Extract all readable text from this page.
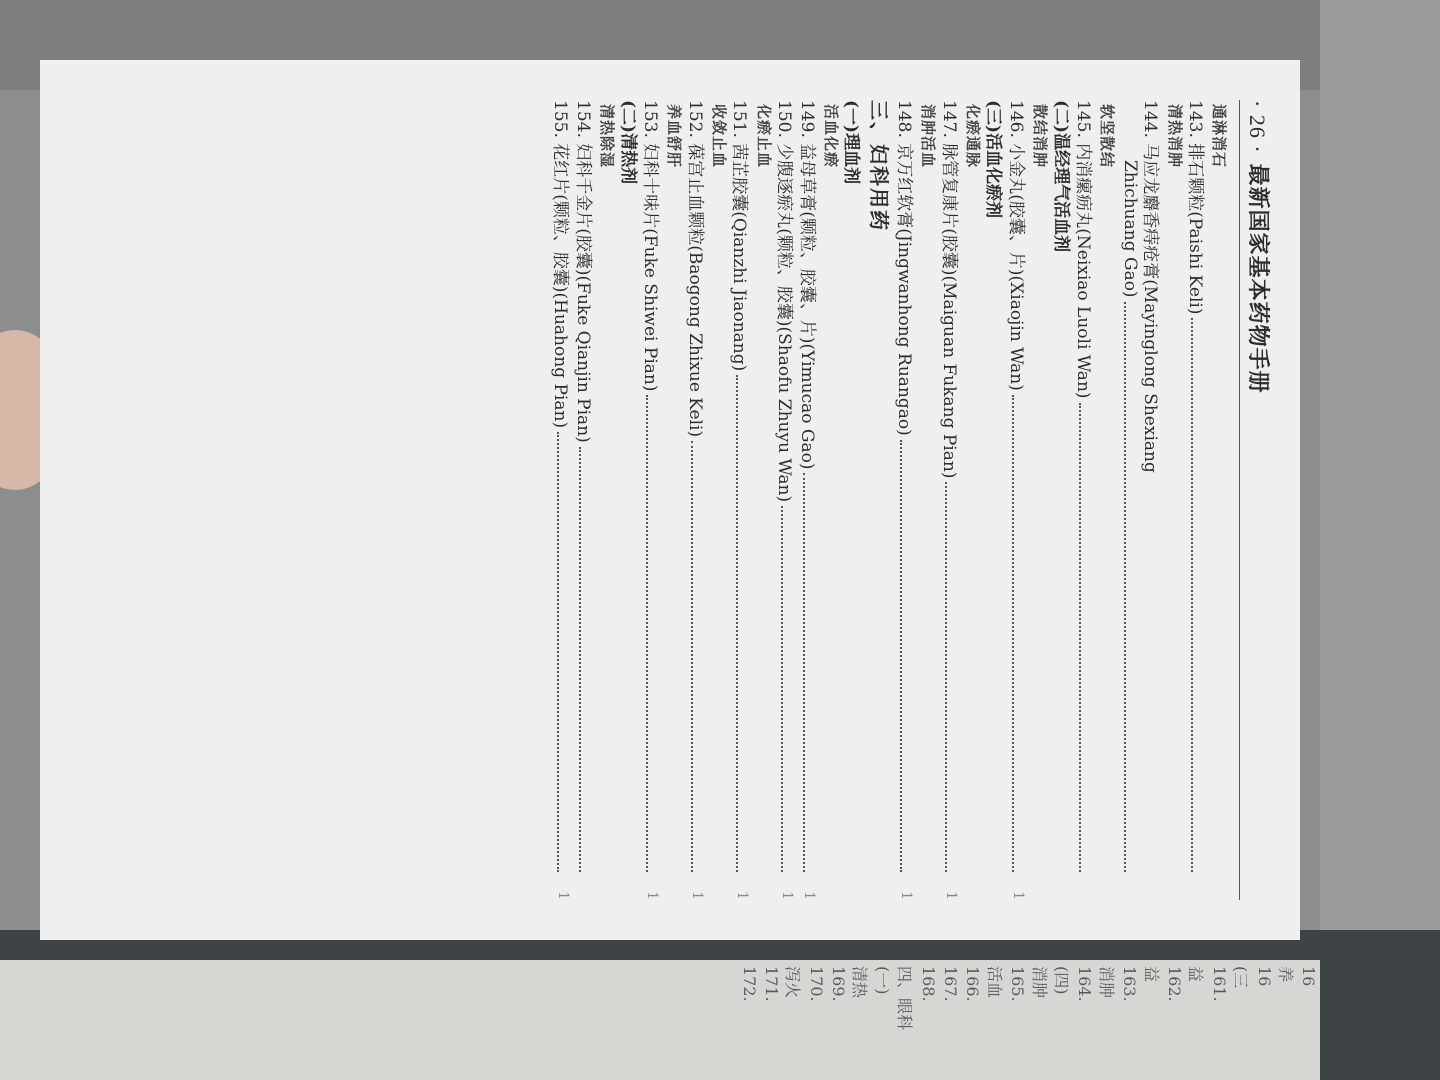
16
养
16
(三
161.
益
162.
益
163.
消肿
164.
(四)
消肿
165.
活血
166.
167.
168.
四、眼科
(一)
清热
169.
170.
泻火
171.
172.
· 26 ·
最新国家基本药物手册
通淋消石
143. 排石颗粒(Paishi Keli)
清热消肿
144. 马应龙麝香痔疮膏(Mayinglong Shexiang
Zhichuang Gao)
软坚散结
145. 内消瘰疬丸(Neixiao Luoli Wan)
(二)温经理气活血剂
散结消肿
146. 小金丸(胶囊、片)(Xiaojin Wan)
1
(三)活血化瘀剂
化瘀通脉
147. 脉管复康片(胶囊)(Maiguan Fukang Pian)
1
消肿活血
148. 京万红软膏(Jingwanhong Ruangao)
1
三、妇科用药
(一)理血剂
活血化瘀
149. 益母草膏(颗粒、胶囊、片)(Yimucao Gao)
1
150. 少腹逐瘀丸(颗粒、胶囊)(Shaofu Zhuyu Wan)
1
化瘀止血
151. 茜芷胶囊(Qianzhi Jiaonang)
1
收敛止血
152. 葆宫止血颗粒(Baogong Zhixue Keli)
1
养血舒肝
153. 妇科十味片(Fuke Shiwei Pian)
1
(二)清热剂
清热除湿
154. 妇科千金片(胶囊)(Fuke Qianjin Pian)
155. 花红片(颗粒、胶囊)(Huahong Pian)
1
